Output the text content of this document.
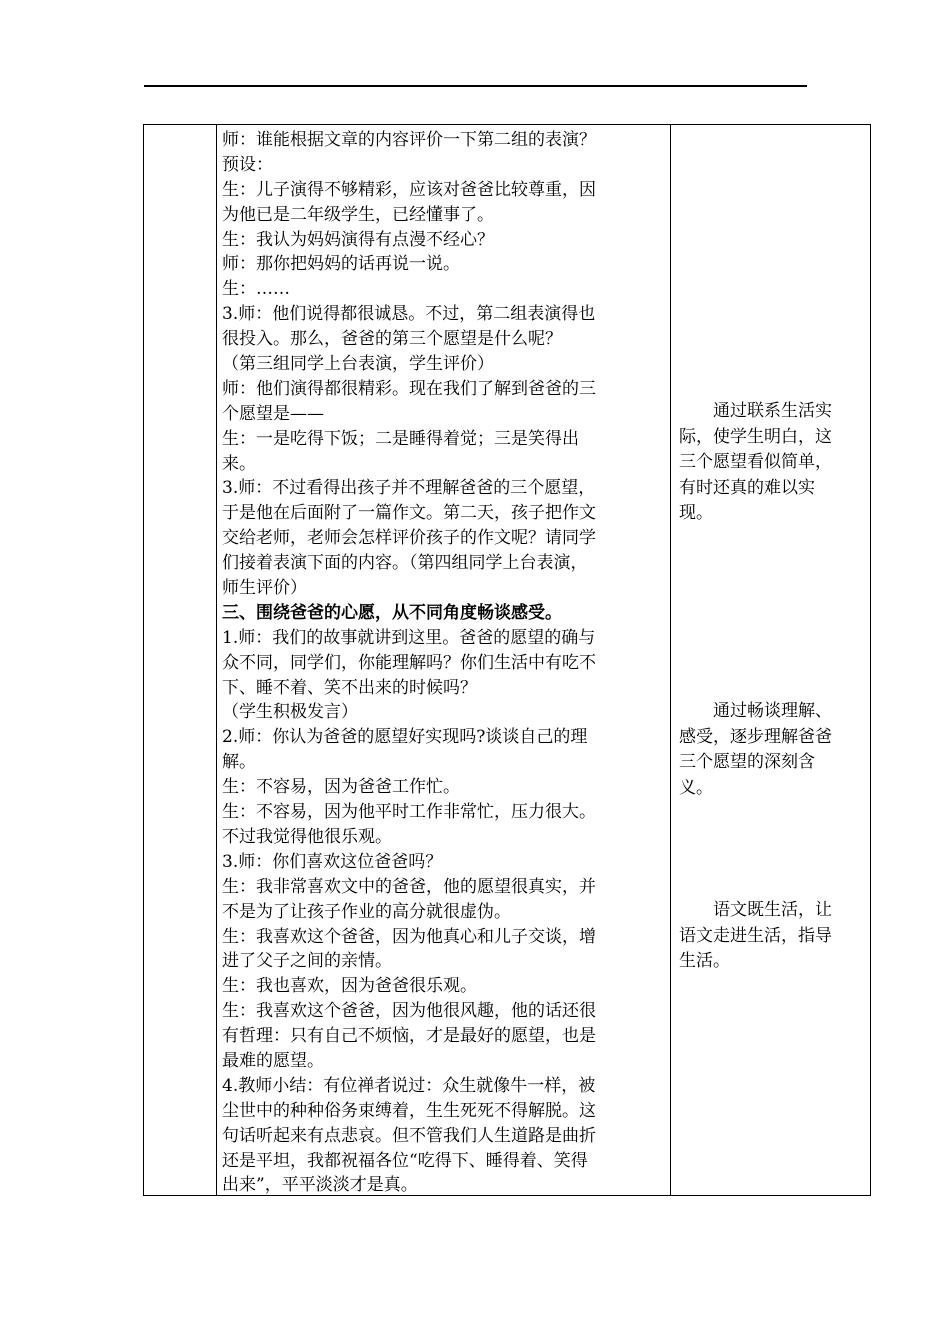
师：谁能根据文章的内容评价一下第二组的表演？
预设：
生：儿子演得不够精彩，应该对爸爸比较尊重，因
为他已是二年级学生，已经懂事了。
生：我认为妈妈演得有点漫不经心？
师：那你把妈妈的话再说一说。
生：……
3.师：他们说得都很诚恳。不过，第二组表演得也
很投入。那么，爸爸的第三个愿望是什么呢？
（第三组同学上台表演，学生评价）
师：他们演得都很精彩。现在我们了解到爸爸的三
个愿望是——
生：一是吃得下饭；二是睡得着觉；三是笑得出
来。
3.师：不过看得出孩子并不理解爸爸的三个愿望，
于是他在后面附了一篇作文。第二天，孩子把作文
交给老师，老师会怎样评价孩子的作文呢？请同学
们接着表演下面的内容。（第四组同学上台表演，
师生评价）
三、围绕爸爸的心愿，从不同角度畅谈感受。
1.师：我们的故事就讲到这里。爸爸的愿望的确与
众不同，同学们，你能理解吗？你们生活中有吃不
下、睡不着、笑不出来的时候吗？
（学生积极发言）
2.师：你认为爸爸的愿望好实现吗?谈谈自己的理
解。
生：不容易，因为爸爸工作忙。
生：不容易，因为他平时工作非常忙，压力很大。
不过我觉得他很乐观。
3.师：你们喜欢这位爸爸吗？
生：我非常喜欢文中的爸爸，他的愿望很真实，并
不是为了让孩子作业的高分就很虚伪。
生：我喜欢这个爸爸，因为他真心和儿子交谈，增
进了父子之间的亲情。
生：我也喜欢，因为爸爸很乐观。
生：我喜欢这个爸爸，因为他很风趣，他的话还很
有哲理：只有自己不烦恼，才是最好的愿望，也是
最难的愿望。
4.教师小结：有位禅者说过：众生就像牛一样，被
尘世中的种种俗务束缚着，生生死死不得解脱。这
句话听起来有点悲哀。但不管我们人生道路是曲折
还是平坦，我都祝福各位“吃得下、睡得着、笑得
出来”，平平淡淡才是真。
　　通过联系生活实
际，使学生明白，这
三个愿望看似简单，
有时还真的难以实
现。
　　通过畅谈理解、
感受，逐步理解爸爸
三个愿望的深刻含
义。
　　语文既生活，让
语文走进生活，指导
生活。
